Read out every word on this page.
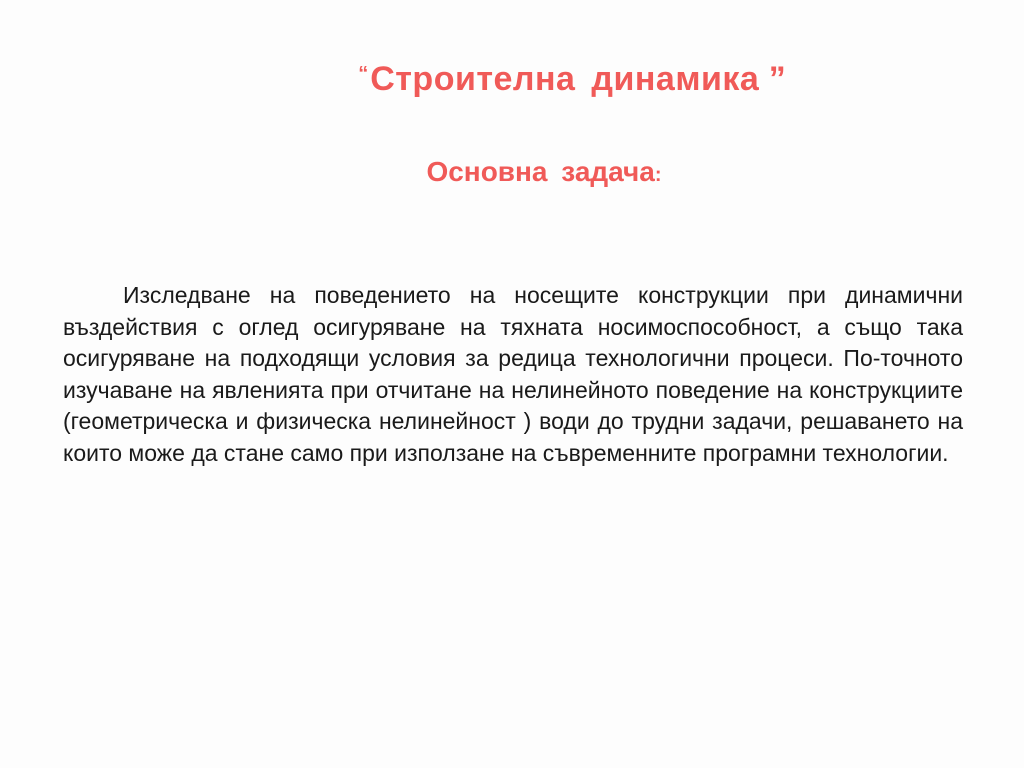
“Строителна динамика ”
Основна задача:

Изследване на поведението на носещите конструкции при динамични въздействия с оглед осигуряване на тяхната носимоспособност, а също така осигуряване на подходящи условия за редица технологични процеси. По-точното изучаване на явленията при отчитане на нелинейното поведение на конструкциите (геометрическа и физическа нелинейност ) води до трудни задачи, решаването на които може да стане само при използане на съвременните програмни технологии.
